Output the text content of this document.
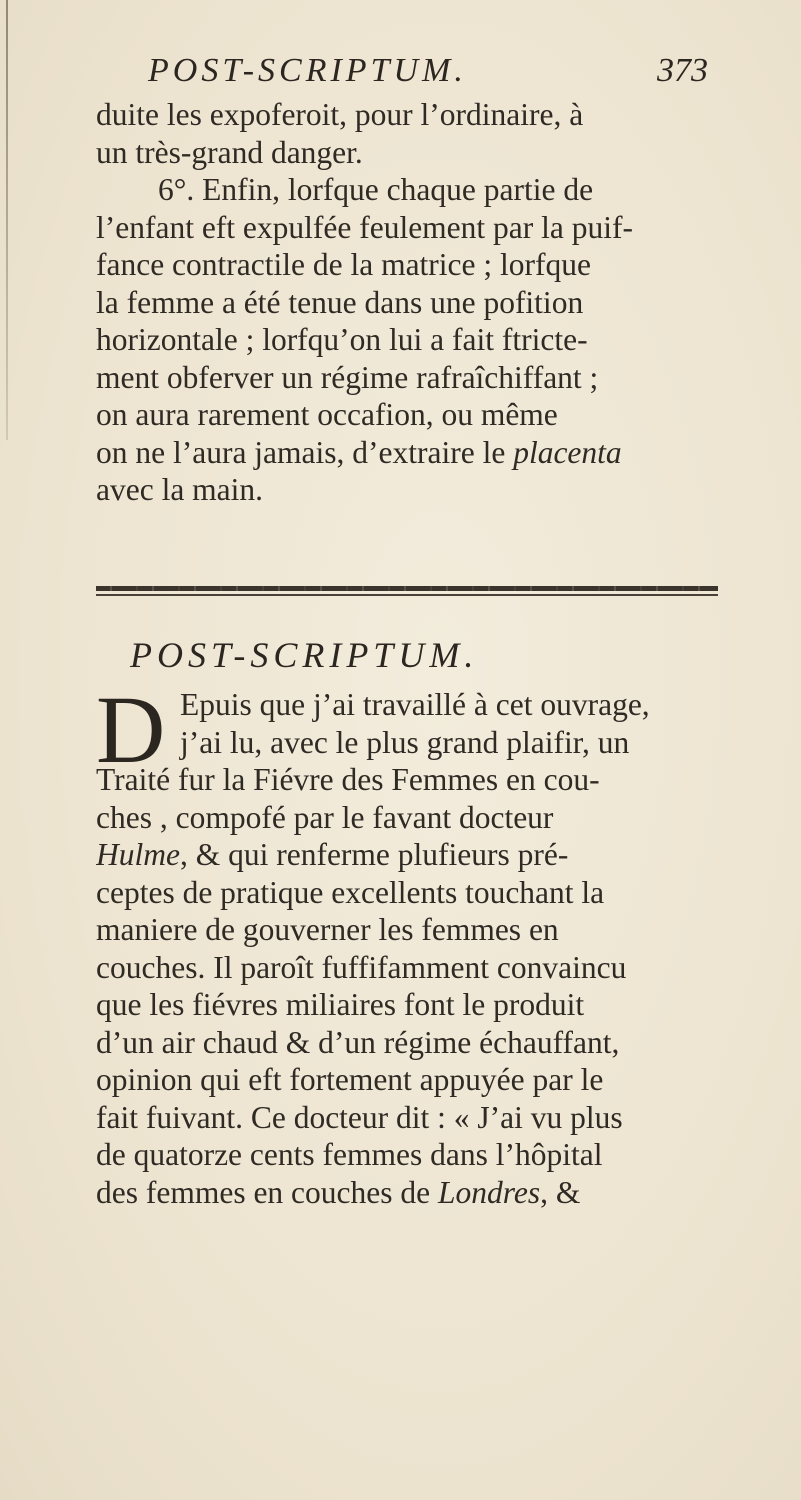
POST-SCRIPTUM.	373
duite les expoferoit, pour l’ordinaire, à
un très-grand danger.
6°. Enfin, lorfque chaque partie de
l’enfant eft expulfée feulement par la puif-
fance contractile de la matrice ; lorfque
la femme a été tenue dans une pofition
horizontale ; lorfqu’on lui a fait ftricte-
ment obferver un régime rafraîchiffant ;
on aura rarement occafion, ou même
on ne l’aura jamais, d’extraire le placenta
avec la main.
POST-SCRIPTUM.
D Epuis que j’ai travaillé à cet ouvrage,
j’ai lu, avec le plus grand plaifir, un
Traité fur la Fiévre des Femmes en cou-
ches , compofé par le favant docteur
Hulme, & qui renferme plufieurs pré-
ceptes de pratique excellents touchant la
maniere de gouverner les femmes en
couches. Il paroît fuffifamment convaincu
que les fiévres miliaires font le produit
d’un air chaud & d’un régime échauffant,
opinion qui eft fortement appuyée par le
fait fuivant. Ce docteur dit : « J’ai vu plus
de quatorze cents femmes dans l’hôpital
des femmes en couches de Londres, &
